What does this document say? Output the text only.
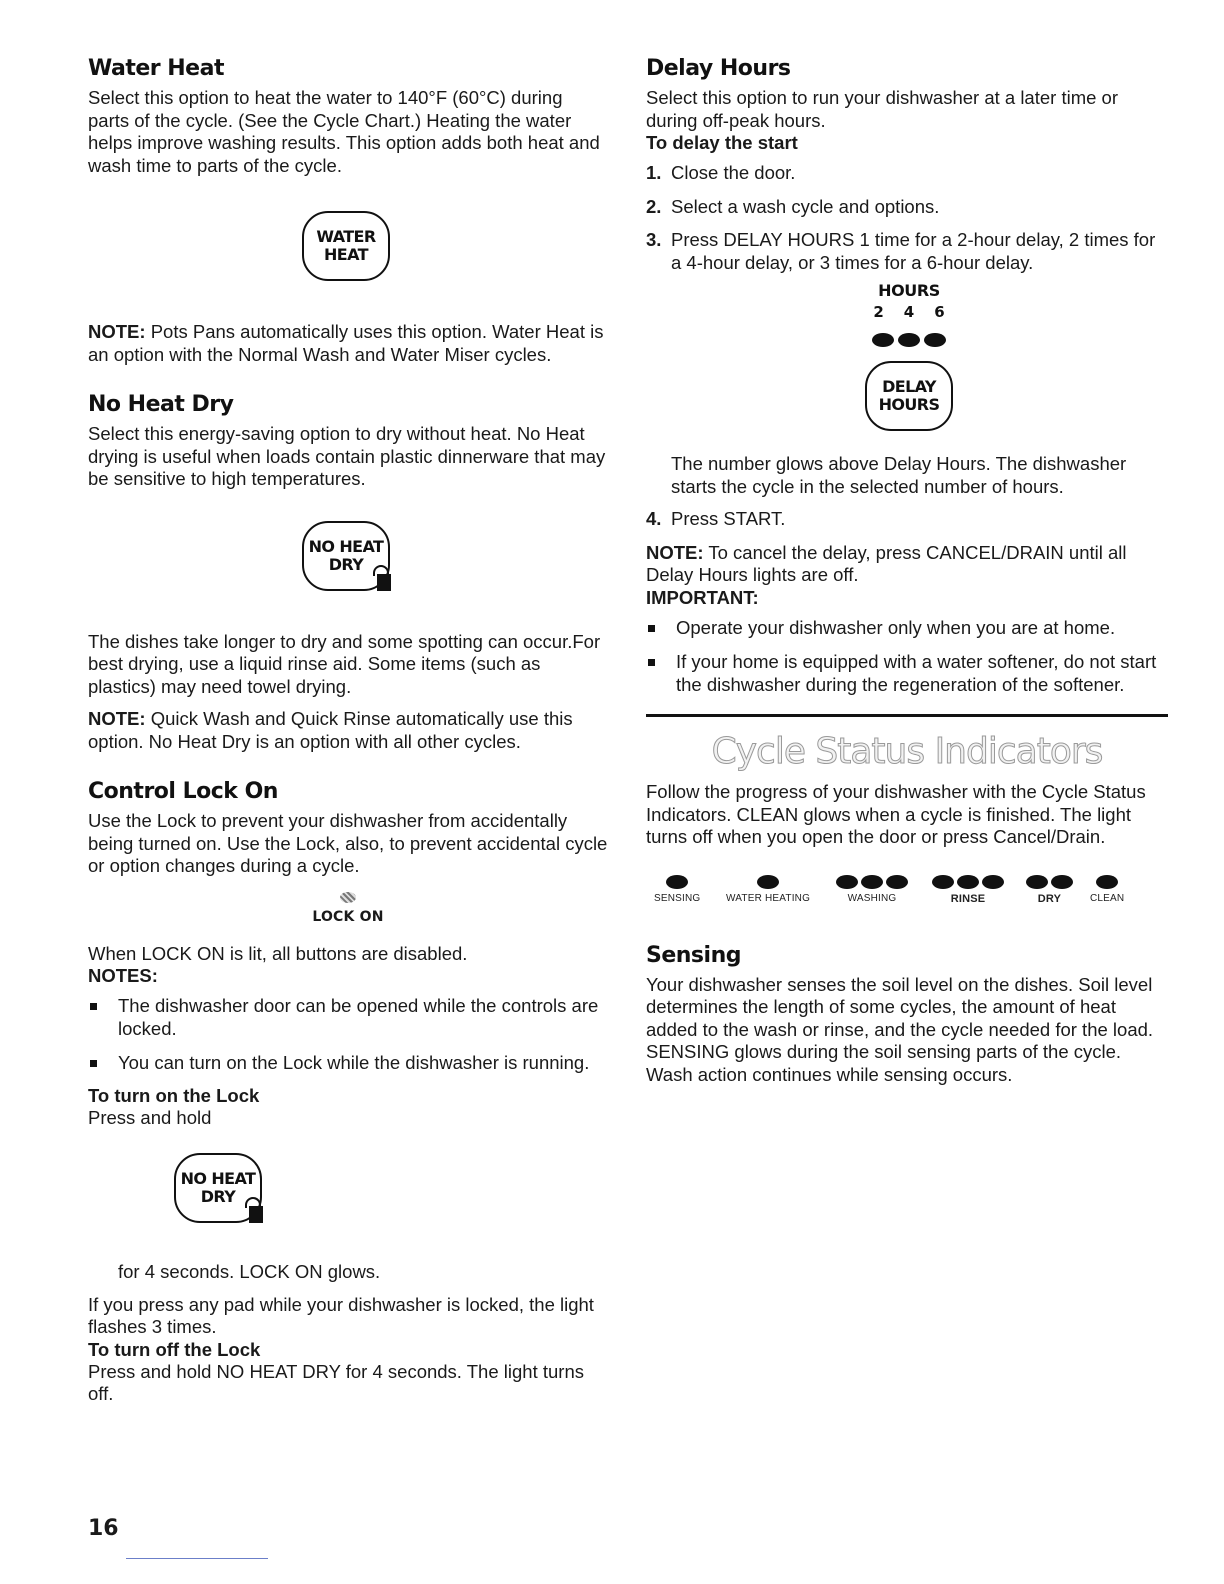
Water Heat

Select this option to heat the water to 140°F (60°C) during parts of the cycle. (See the Cycle Chart.) Heating the water helps improve washing results. This option adds both heat and wash time to parts of the cycle.

WATER
HEAT

NOTE: Pots Pans automatically uses this option. Water Heat is an option with the Normal Wash and Water Miser cycles.

No Heat Dry

Select this energy-saving option to dry without heat. No Heat drying is useful when loads contain plastic dinnerware that may be sensitive to high temperatures.

NO HEAT
DRY

The dishes take longer to dry and some spotting can occur.For best drying, use a liquid rinse aid. Some items (such as plastics) may need towel drying.

NOTE: Quick Wash and Quick Rinse automatically use this option. No Heat Dry is an option with all other cycles.

Control Lock On

Use the Lock to prevent your dishwasher from accidentally being turned on. Use the Lock, also, to prevent accidental cycle or option changes during a cycle.

LOCK ON

When LOCK ON is lit, all buttons are disabled.

NOTES:

The dishwasher door can be opened while the controls are locked.
You can turn on the Lock while the dishwasher is running.

To turn on the Lock

Press and hold

NO HEAT
DRY

for 4 seconds. LOCK ON glows.

If you press any pad while your dishwasher is locked, the light flashes 3 times.

To turn off the Lock

Press and hold NO HEAT DRY for 4 seconds. The light turns off.

Delay Hours

Select this option to run your dishwasher at a later time or during off-peak hours.

To delay the start

1. Close the door.
2. Select a wash cycle and options.
3. Press DELAY HOURS 1 time for a 2-hour delay, 2 times for a 4-hour delay, or 3 times for a 6-hour delay.
HOURS
2 4 6
DELAY
HOURS

The number glows above Delay Hours. The dishwasher starts the cycle in the selected number of hours.

4. Press START.

NOTE: To cancel the delay, press CANCEL/DRAIN until all Delay Hours lights are off.

IMPORTANT:

Operate your dishwasher only when you are at home.
If your home is equipped with a water softener, do not start the dishwasher during the regeneration of the softener.
Cycle Status Indicators

Follow the progress of your dishwasher with the Cycle Status Indicators. CLEAN glows when a cycle is finished. The light turns off when you open the door or press Cancel/Drain.

SENSING	WATER HEATING	WASHING	RINSE	DRY	CLEAN
Sensing

Your dishwasher senses the soil level on the dishes. Soil level determines the length of some cycles, the amount of heat added to the wash or rinse, and the cycle needed for the load. SENSING glows during the soil sensing parts of the cycle. Wash action continues while sensing occurs.

16
